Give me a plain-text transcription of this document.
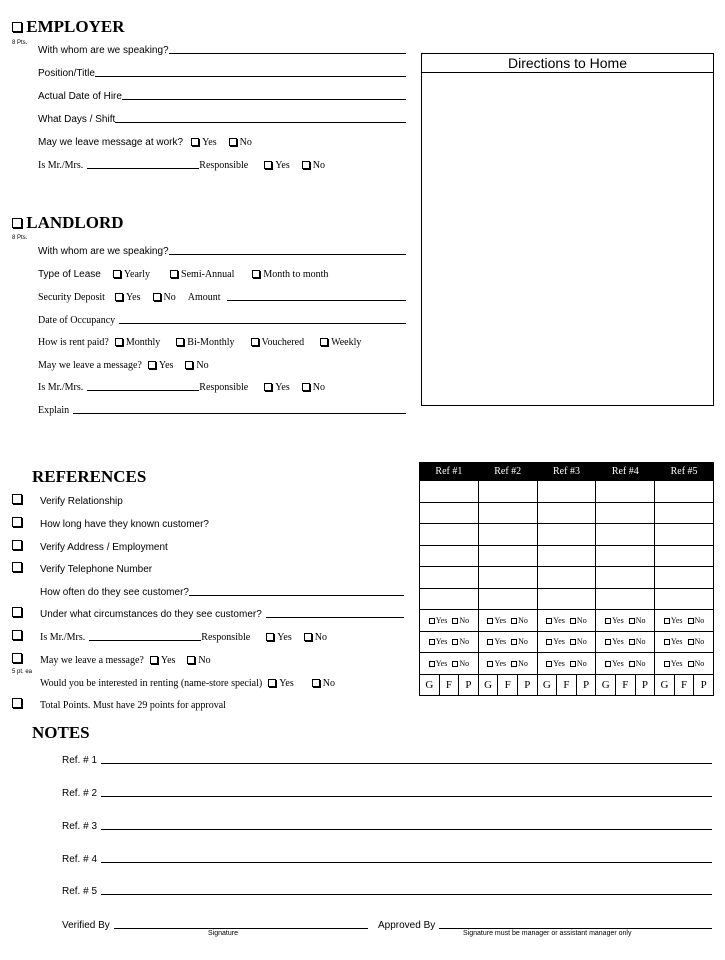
EMPLOYER
8 Pts.
With whom are we speaking?
Position/Title
Actual Date of Hire
What Days / Shift
May we leave message at work? Yes No
Is Mr./Mrs.	Responsible	Yes No
Directions to Home
LANDLORD
8 Pts.
With whom are we speaking?
Type of Lease Yearly	Semi-Annual	Month to month
Security Deposit Yes No Amount
Date of Occupancy
How is rent paid? Monthly	Bi-Monthly	Vouchered	Weekly
May we leave a message? Yes No
Is Mr./Mrs.	Responsible	Yes No
Explain
REFERENCES
Verify Relationship
How long have they known customer?
Verify Address / Employment
Verify Telephone Number
How often do they see customer?
Under what circumstances do they see customer?
Is Mr./Mrs.	Responsible	Yes No
May we leave a message? Yes No
5 pt. ea
Would you be interested in renting (name-store special) Yes	No
Total Points. Must have 29 points for approval
Ref #1	Ref #2	Ref #3	Ref #4	Ref #5

Yes No	Yes No	Yes No	Yes No	Yes No
Yes No	Yes No	Yes No	Yes No	Yes No
Yes No	Yes No	Yes No	Yes No	Yes No

G F P	G F P	G F P	G F P	G F P
NOTES
Ref. # 1
Ref. # 2
Ref. # 3
Ref. # 4
Ref. # 5
Verified By
Signature
Approved By
Signature must be manager or assistant manager only
